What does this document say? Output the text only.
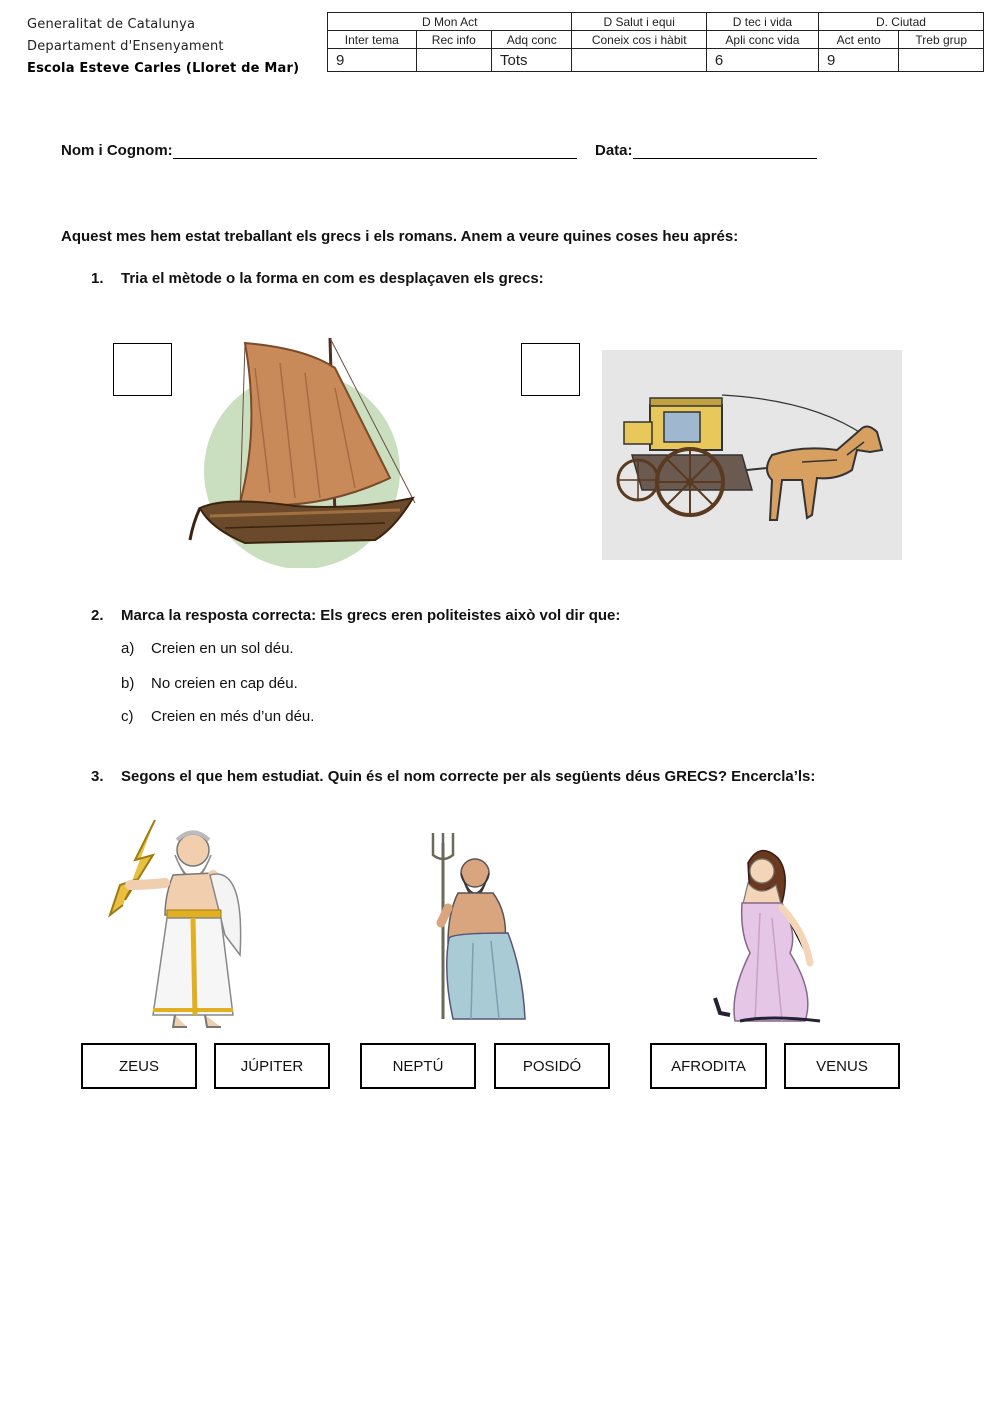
Generalitat de Catalunya
Departament d'Ensenyament
Escola Esteve Carles (Lloret de Mar)
D Mon Act			D Salut i equi	D tec i vida	D. Ciutad	
Inter tema	Rec info	Adq conc	Coneix cos i hàbit	Apli conc vida	Act ento	Treb grup
9		Tots		6	9	
Nom i Cognom:	Data:
Aquest mes hem estat treballant els grecs i els romans. Anem a veure quines coses heu aprés:
1. Tria el mètode o la forma en com es desplaçaven els grecs:
2. Marca la resposta correcta: Els grecs eren politeistes això vol dir que:
a) Creien en un sol déu.
b) No creien en cap déu.
c) Creien en més d’un déu.
3. Segons el que hem estudiat. Quin és el nom correcte per als següents déus GRECS? Encercla’ls:
ZEUS	JÚPITER	NEPTÚ	POSIDÓ	AFRODITA	VENUS
